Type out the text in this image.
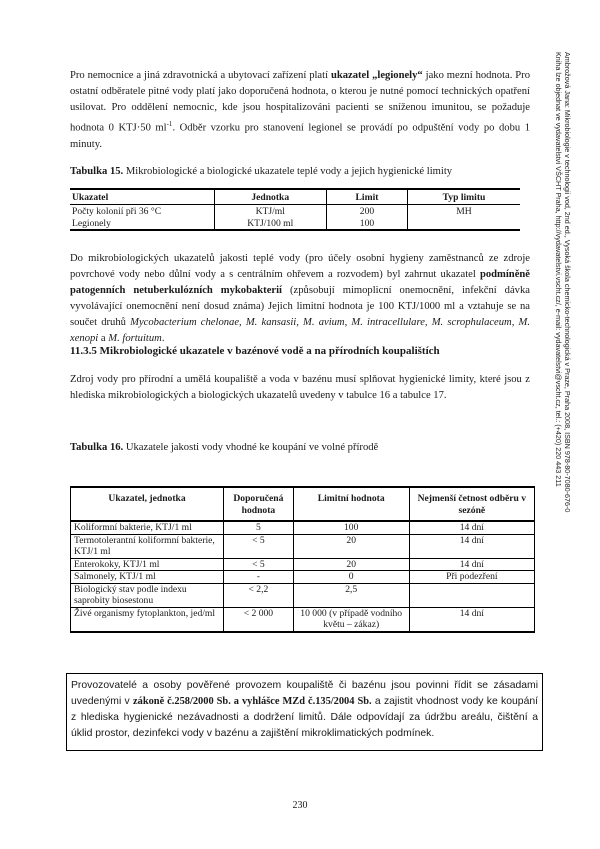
Ambrožová Jana: Mikrobiologie v technologii vod, 2nd ed., Vysoká škola chemicko-technologická v Praze, Praha 2008, ISBN 978-80-7080-676-0
Kniha lze objednat ve vydavatelství VŠCHT Praha, http://vydavatelstvi.vscht.cz/, e-mail: vydavatelstvi@vscht.cz, tel.: (+420) 220 443 211
Pro nemocnice a jiná zdravotnická a ubytovací zařízení platí ukazatel „legionely“ jako mezní hodnota. Pro ostatní odběratele pitné vody platí jako doporučená hodnota, o kterou je nutné pomocí technických opatření usilovat. Pro oddělení nemocnic, kde jsou hospitalizováni pacienti se sníženou imunitou, se požaduje hodnota 0 KTJ·50 $ml^{-1}$. Odběr vzorku pro stanovení legionel se provádí po odpuštění vody po dobu 1 minuty.
Tabulka 15. Mikrobiologické a biologické ukazatele teplé vody a jejich hygienické limity
Ukazatel	Jednotka	Limit	Typ limitu
Počty kolonií při 36 °C	KTJ/ml	200	MH
Legionely	KTJ/100 ml	100	
Do mikrobiologických ukazatelů jakosti teplé vody (pro účely osobní hygieny zaměstnanců ze zdroje povrchové vody nebo důlní vody a s centrálním ohřevem a rozvodem) byl zahrnut ukazatel podmíněně patogenních netuberkulózních mykobakterií (způsobují mimoplicní onemocnění, infekční dávka vyvolávající onemocnění není dosud známa) Jejich limitní hodnota je 100 KTJ/1000 ml a vztahuje se na součet druhů Mycobacterium chelonae, M. kansasii, M. avium, M. intracellulare, M. scrophulaceum, M. xenopi a M. fortuitum.
11.3.5 Mikrobiologické ukazatele v bazénové vodě a na přírodních koupalištích
Zdroj vody pro přírodní a umělá koupaliště a voda v bazénu musí splňovat hygienické limity, které jsou z hlediska mikrobiologických a biologických ukazatelů uvedeny v tabulce 16 a tabulce 17.
Tabulka 16. Ukazatele jakosti vody vhodné ke koupání ve volné přírodě
Ukazatel, jednotka	Doporučená hodnota	Limitní hodnota	Nejmenší četnost odběru v sezóně
Koliformní bakterie, KTJ/1 ml	5	100	14 dní
Termotolerantní koliformní bakterie, KTJ/1 ml	< 5	20	14 dní
Enterokoky, KTJ/1 ml	< 5	20	14 dní
Salmonely, KTJ/1 ml	-	0	Při podezření
Biologický stav podle indexu saprobity biosestonu	< 2,2	2,5	
Živé organismy fytoplankton, jed/ml	< 2 000	10 000 (v případě vodního květu – zákaz)	14 dní
Provozovatelé a osoby pověřené provozem koupaliště či bazénu jsou povinni řídit se zásadami uvedenými v zákoně č.258/2000 Sb. a vyhlášce MZd č.135/2004 Sb. a zajistit vhodnost vody ke koupání z hlediska hygienické nezávadnosti a dodržení limitů. Dále odpovídají za údržbu areálu, čištění a úklid prostor, dezinfekci vody v bazénu a zajištění mikroklimatických podmínek.
230
